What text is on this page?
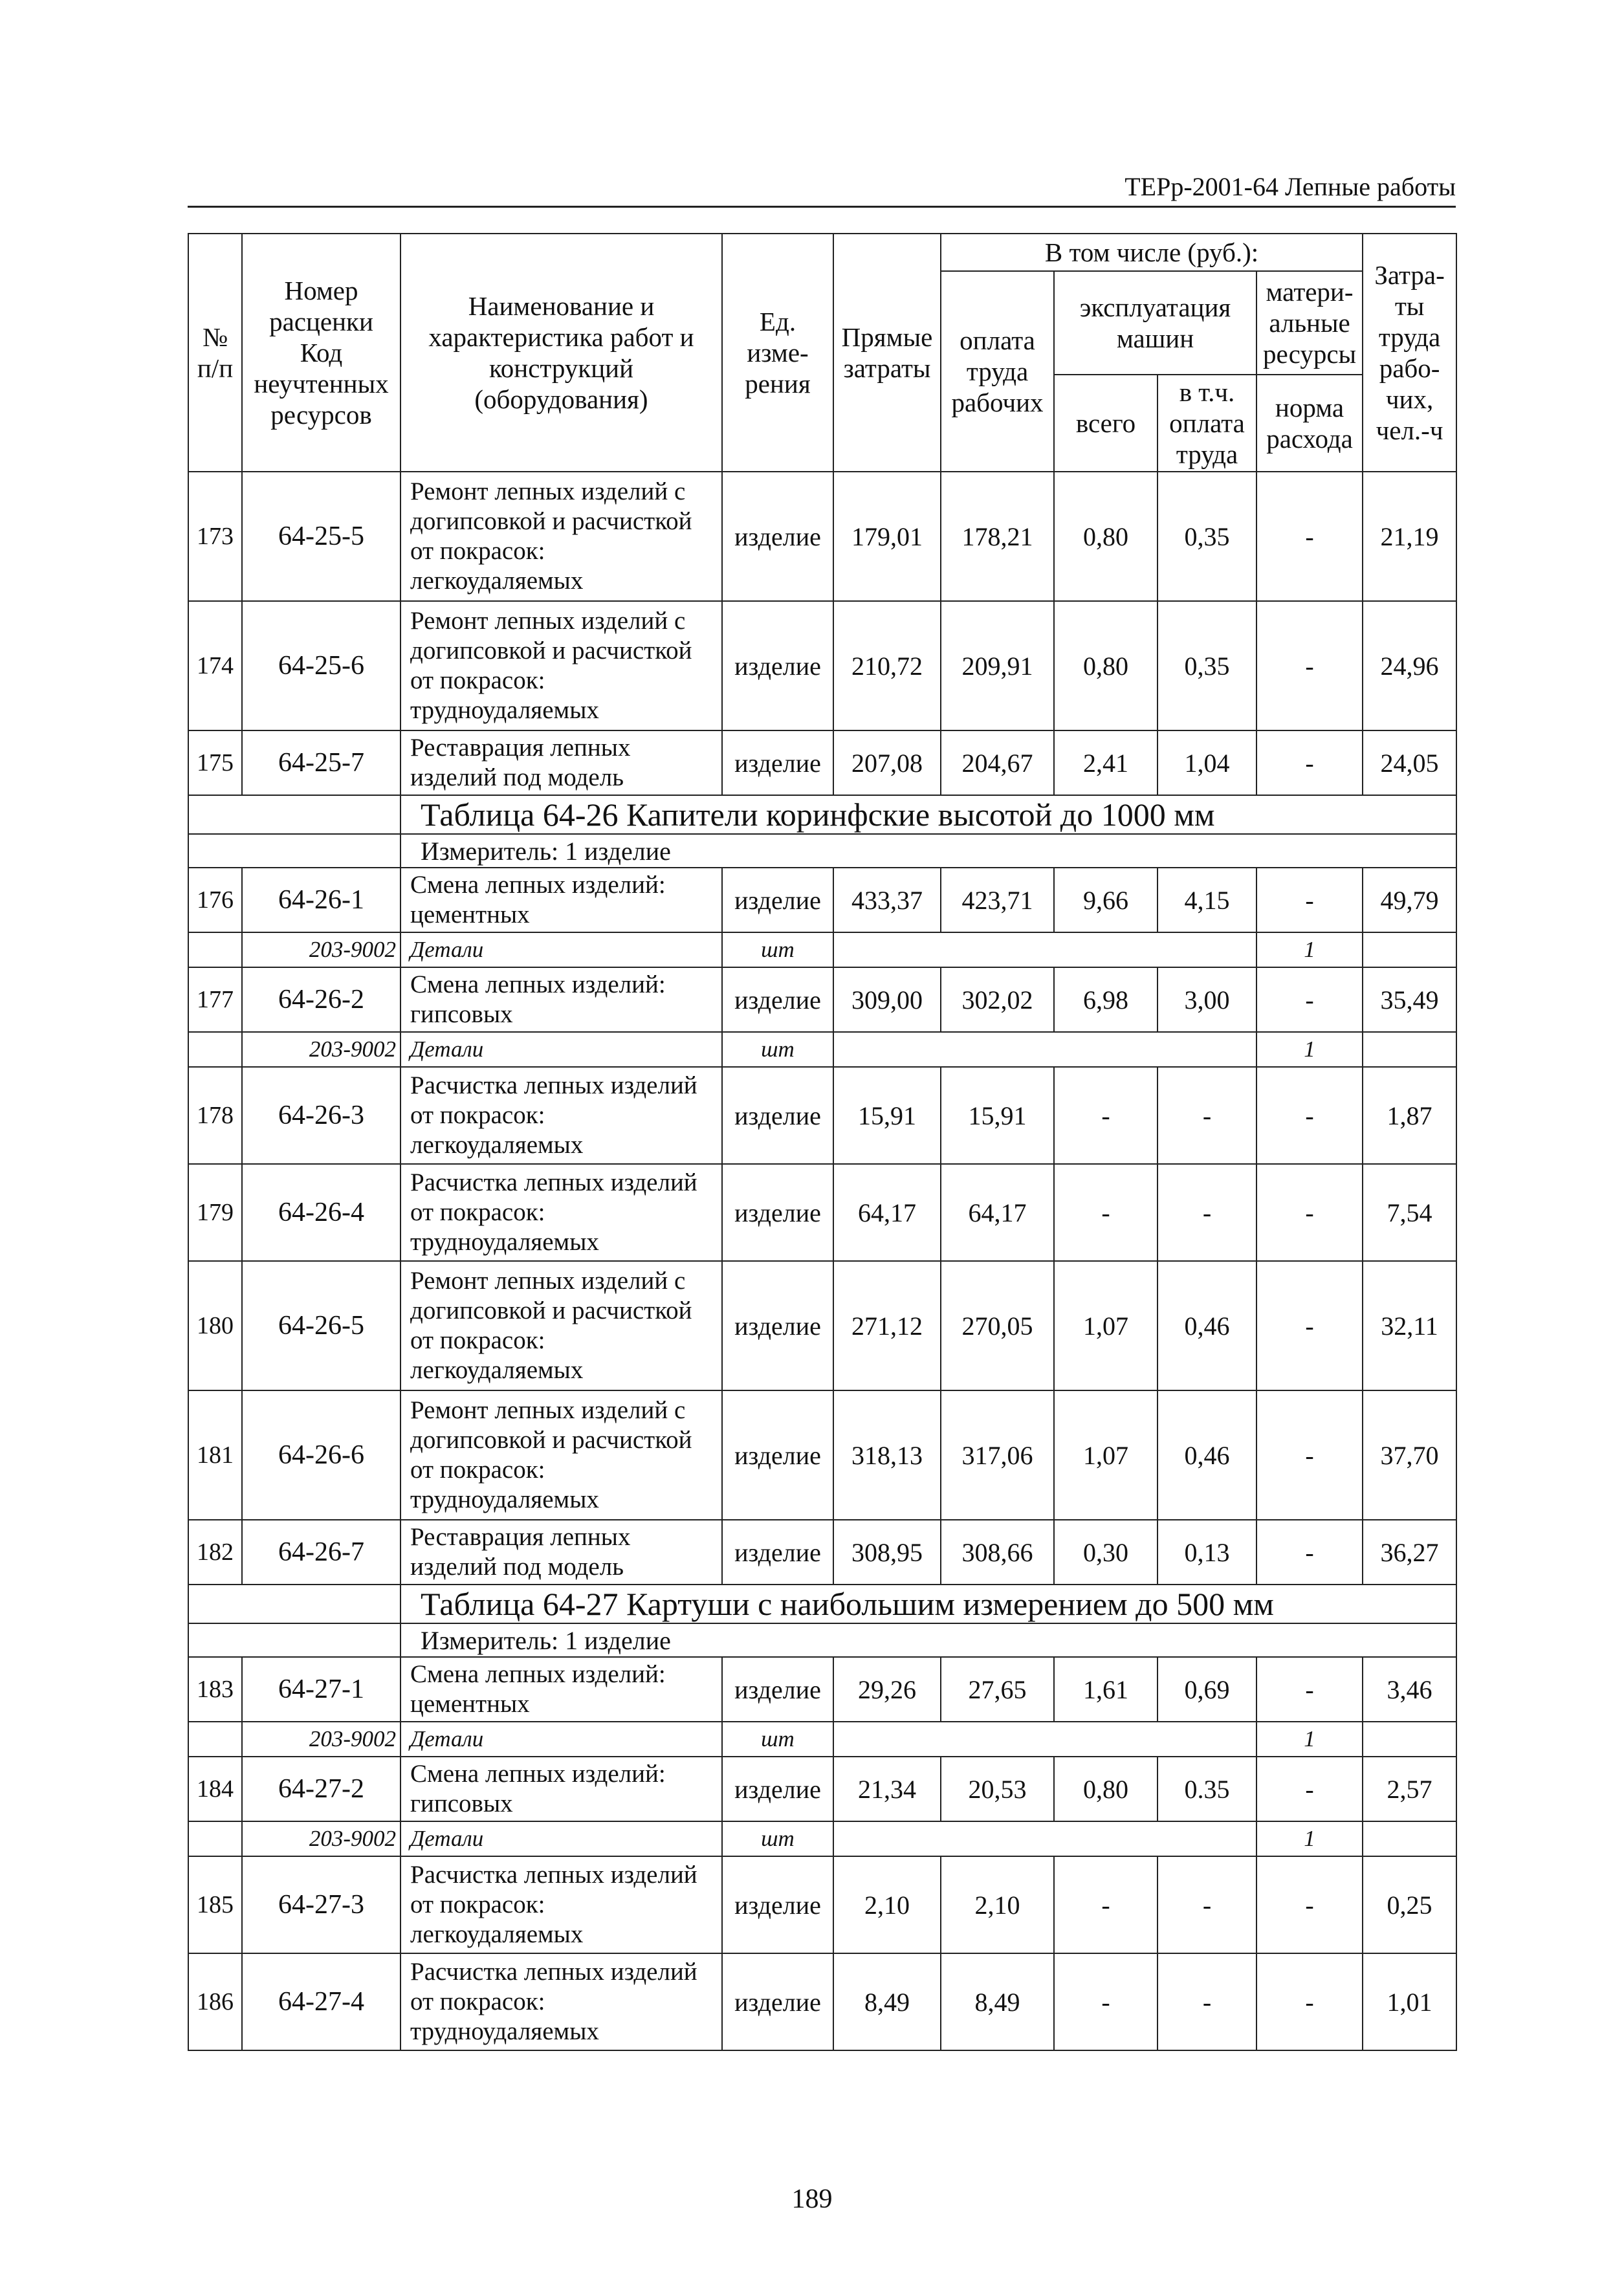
ТЕРр-2001-64 Лепные работы
№ п/п	Номер расценки Код неучтенных ресурсов	Наименование и характеристика работ и конструкций (оборудования)	Ед. изме-рения	Прямые затраты	В том числе (руб.):				Затра-ты труда рабо-чих, чел.-ч
					оплата труда рабочих	эксплуатация машин		матери-альные ресурсы	
						всего	в т.ч. оплата труда	норма расхода	

173	64-25-5	Ремонт лепных изделий с догипсовкой и расчисткой от покрасок: легкоудаляемых	изделие	179,01	178,21	0,80	0,35	-	21,19
174	64-25-6	Ремонт лепных изделий с догипсовкой и расчисткой от покрасок: трудноудаляемых	изделие	210,72	209,91	0,80	0,35	-	24,96
175	64-25-7	Реставрация лепных изделий под модель	изделие	207,08	204,67	2,41	1,04	-	24,05
		Таблица 64-26 Капители коринфские высотой до 1000 мм							
		Измеритель: 1 изделие							
176	64-26-1	Смена лепных изделий: цементных	изделие	433,37	423,71	9,66	4,15	-	49,79
	203-9002	Детали	шт					1	
177	64-26-2	Смена лепных изделий: гипсовых	изделие	309,00	302,02	6,98	3,00	-	35,49
	203-9002	Детали	шт					1	
178	64-26-3	Расчистка лепных изделий от покрасок: легкоудаляемых	изделие	15,91	15,91	-	-	-	1,87
179	64-26-4	Расчистка лепных изделий от покрасок: трудноудаляемых	изделие	64,17	64,17	-	-	-	7,54
180	64-26-5	Ремонт лепных изделий с догипсовкой и расчисткой от покрасок: легкоудаляемых	изделие	271,12	270,05	1,07	0,46	-	32,11
181	64-26-6	Ремонт лепных изделий с догипсовкой и расчисткой от покрасок: трудноудаляемых	изделие	318,13	317,06	1,07	0,46	-	37,70
182	64-26-7	Реставрация лепных изделий под модель	изделие	308,95	308,66	0,30	0,13	-	36,27
		Таблица 64-27 Картуши с наибольшим измерением до 500 мм							
		Измеритель: 1 изделие							
183	64-27-1	Смена лепных изделий: цементных	изделие	29,26	27,65	1,61	0,69	-	3,46
	203-9002	Детали	шт					1	
184	64-27-2	Смена лепных изделий: гипсовых	изделие	21,34	20,53	0,80	0.35	-	2,57
	203-9002	Детали	шт					1	
185	64-27-3	Расчистка лепных изделий от покрасок: легкоудаляемых	изделие	2,10	2,10	-	-	-	0,25
186	64-27-4	Расчистка лепных изделий от покрасок: трудноудаляемых	изделие	8,49	8,49	-	-	-	1,01
189
